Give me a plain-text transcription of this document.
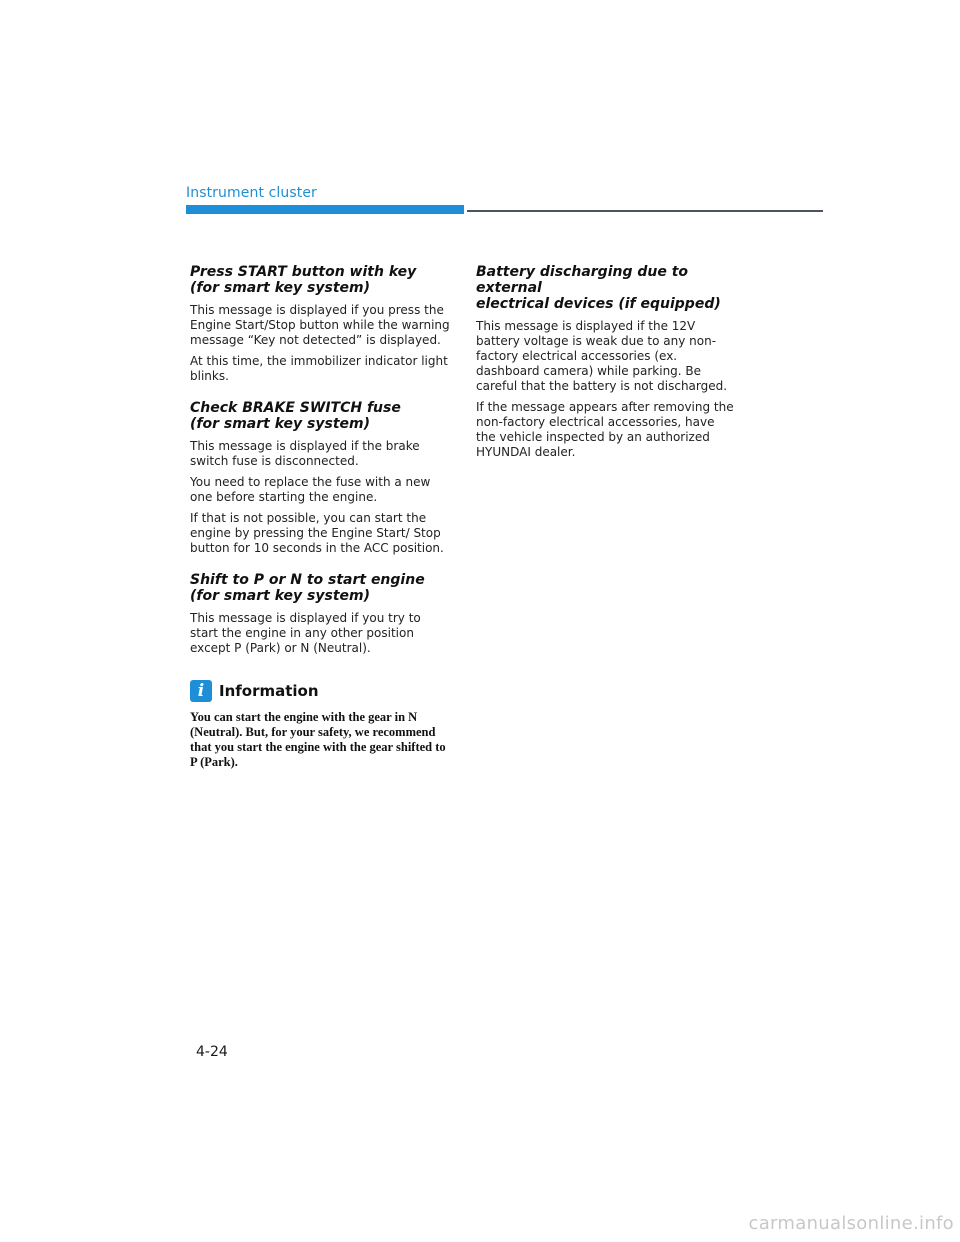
Instrument cluster
Press START button with key
(for smart key system)

This message is displayed if you press the Engine Start/Stop button while the warning message “Key not detected” is displayed.

At this time, the immobilizer indicator light blinks.

Check BRAKE SWITCH fuse
(for smart key system)

This message is displayed if the brake switch fuse is disconnected.

You need to replace the fuse with a new one before starting the engine.

If that is not possible, you can start the engine by pressing the Engine Start/ Stop button for 10 seconds in the ACC position.

Shift to P or N to start engine
(for smart key system)

This message is displayed if you try to start the engine in any other position except P (Park) or N (Neutral).

i Information

You can start the engine with the gear in N (Neutral). But, for your safety, we recommend that you start the engine with the gear shifted to P (Park).

Battery discharging due to external
electrical devices (if equipped)

This message is displayed if the 12V battery voltage is weak due to any non-factory electrical accessories (ex. dashboard camera) while parking. Be careful that the battery is not discharged.

If the message appears after removing the non-factory electrical accessories, have the vehicle inspected by an authorized HYUNDAI dealer.

4-24
carmanualsonline.info
